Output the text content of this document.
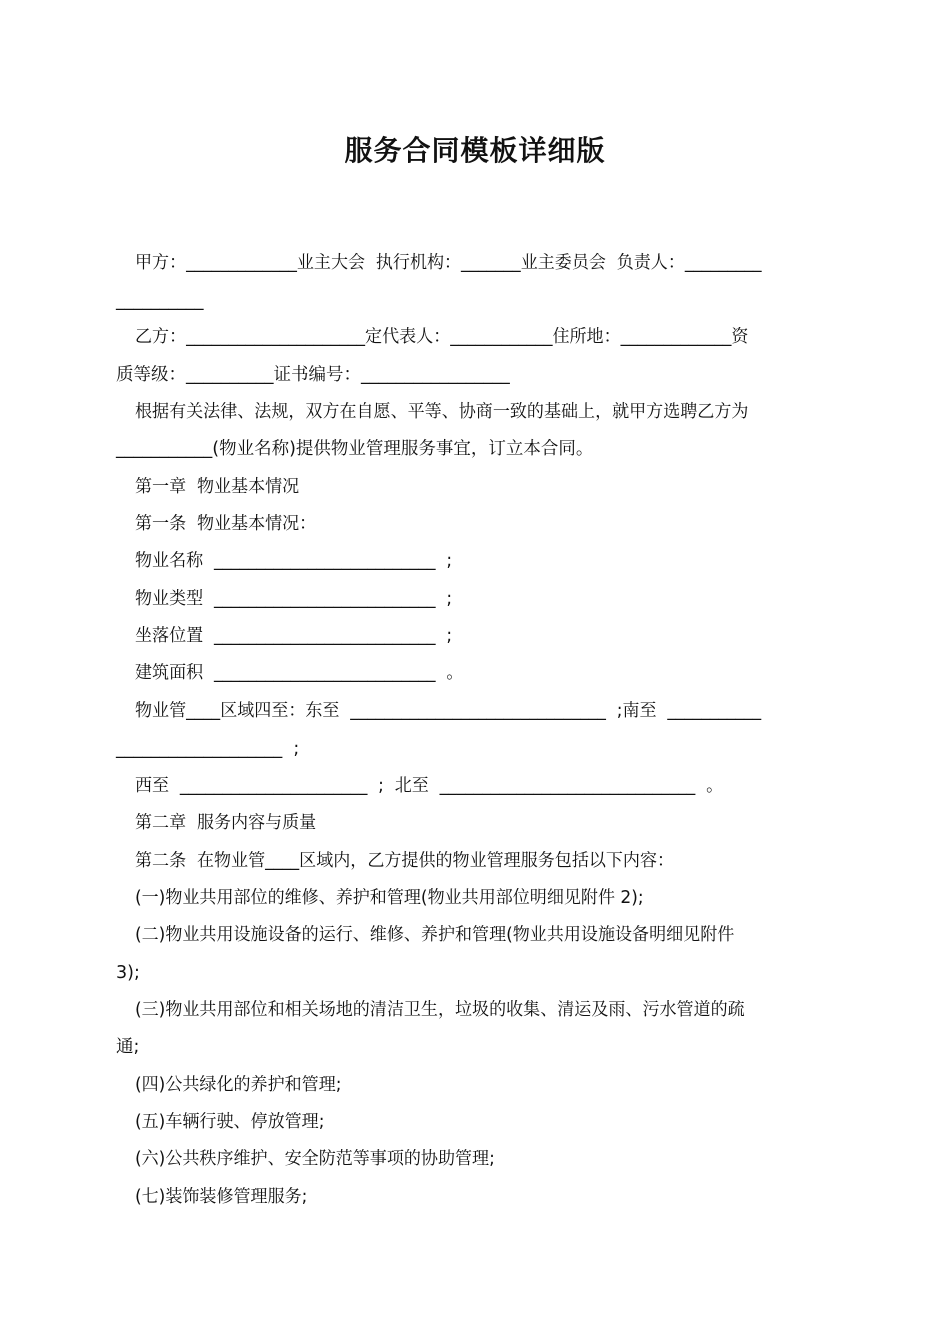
服务合同模板详细版
甲方：_____________业主大会  执行机构：_______业主委员会  负责人：_________
__________
乙方：_____________________定代表人：____________住所地：_____________资
质等级：__________证书编号：_________________
根据有关法律、法规，双方在自愿、平等、协商一致的基础上，就甲方选聘乙方为
___________(物业名称)提供物业管理服务事宜，订立本合同。
第一章  物业基本情况
第一条  物业基本情况：
物业名称  __________________________  ;
物业类型  __________________________  ;
坐落位置  __________________________  ;
建筑面积  __________________________  。
物业管____区域四至：东至  ______________________________  ;南至  ___________
___________________  ;
西至  ______________________  ;  北至  ______________________________  。
第二章  服务内容与质量
第二条  在物业管____区域内，乙方提供的物业管理服务包括以下内容：
(一)物业共用部位的维修、养护和管理(物业共用部位明细见附件 2);
(二)物业共用设施设备的运行、维修、养护和管理(物业共用设施设备明细见附件
3);
(三)物业共用部位和相关场地的清洁卫生，垃圾的收集、清运及雨、污水管道的疏
通;
(四)公共绿化的养护和管理;
(五)车辆行驶、停放管理;
(六)公共秩序维护、安全防范等事项的协助管理;
(七)装饰装修管理服务;
